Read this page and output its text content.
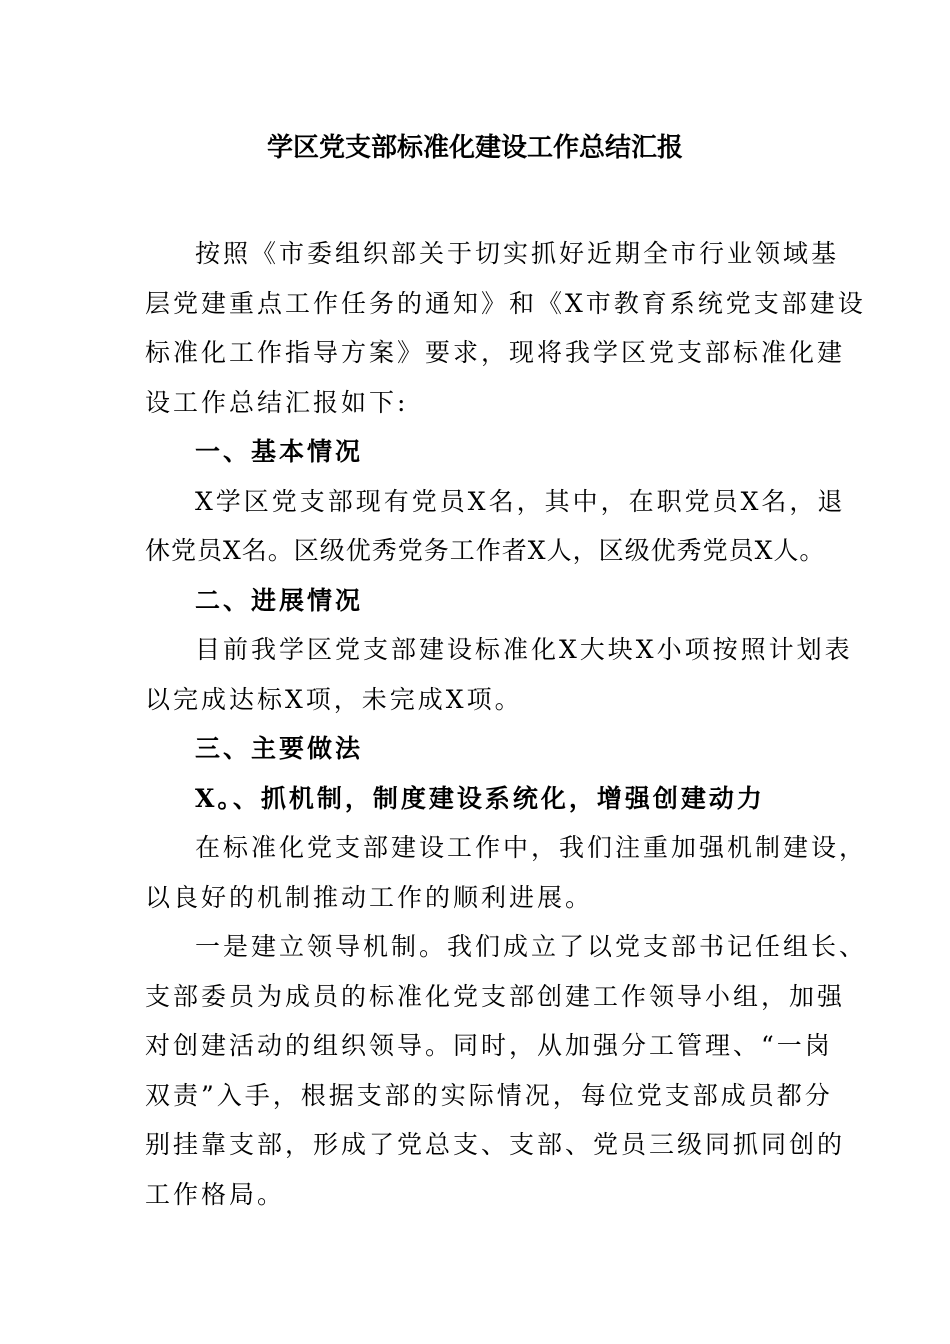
学区党支部标准化建设工作总结汇报

按照《市委组织部关于切实抓好近期全市行业领域基
层党建重点工作任务的通知》和《X市教育系统党支部建设
标准化工作指导方案》要求，现将我学区党支部标准化建
设工作总结汇报如下:

一、基本情况

X学区党支部现有党员X名，其中，在职党员X名，退
休党员X名。区级优秀党务工作者X人，区级优秀党员X人。

二、进展情况

目前我学区党支部建设标准化X大块X小项按照计划表
以完成达标X项，未完成X项。

三、主要做法

X。、抓机制，制度建设系统化，增强创建动力

在标准化党支部建设工作中，我们注重加强机制建设，
以良好的机制推动工作的顺利进展。

一是建立领导机制。我们成立了以党支部书记任组长、
支部委员为成员的标准化党支部创建工作领导小组，加强
对创建活动的组织领导。同时，从加强分工管理、“一岗
双责”入手，根据支部的实际情况，每位党支部成员都分
别挂靠支部，形成了党总支、支部、党员三级同抓同创的
工作格局。
